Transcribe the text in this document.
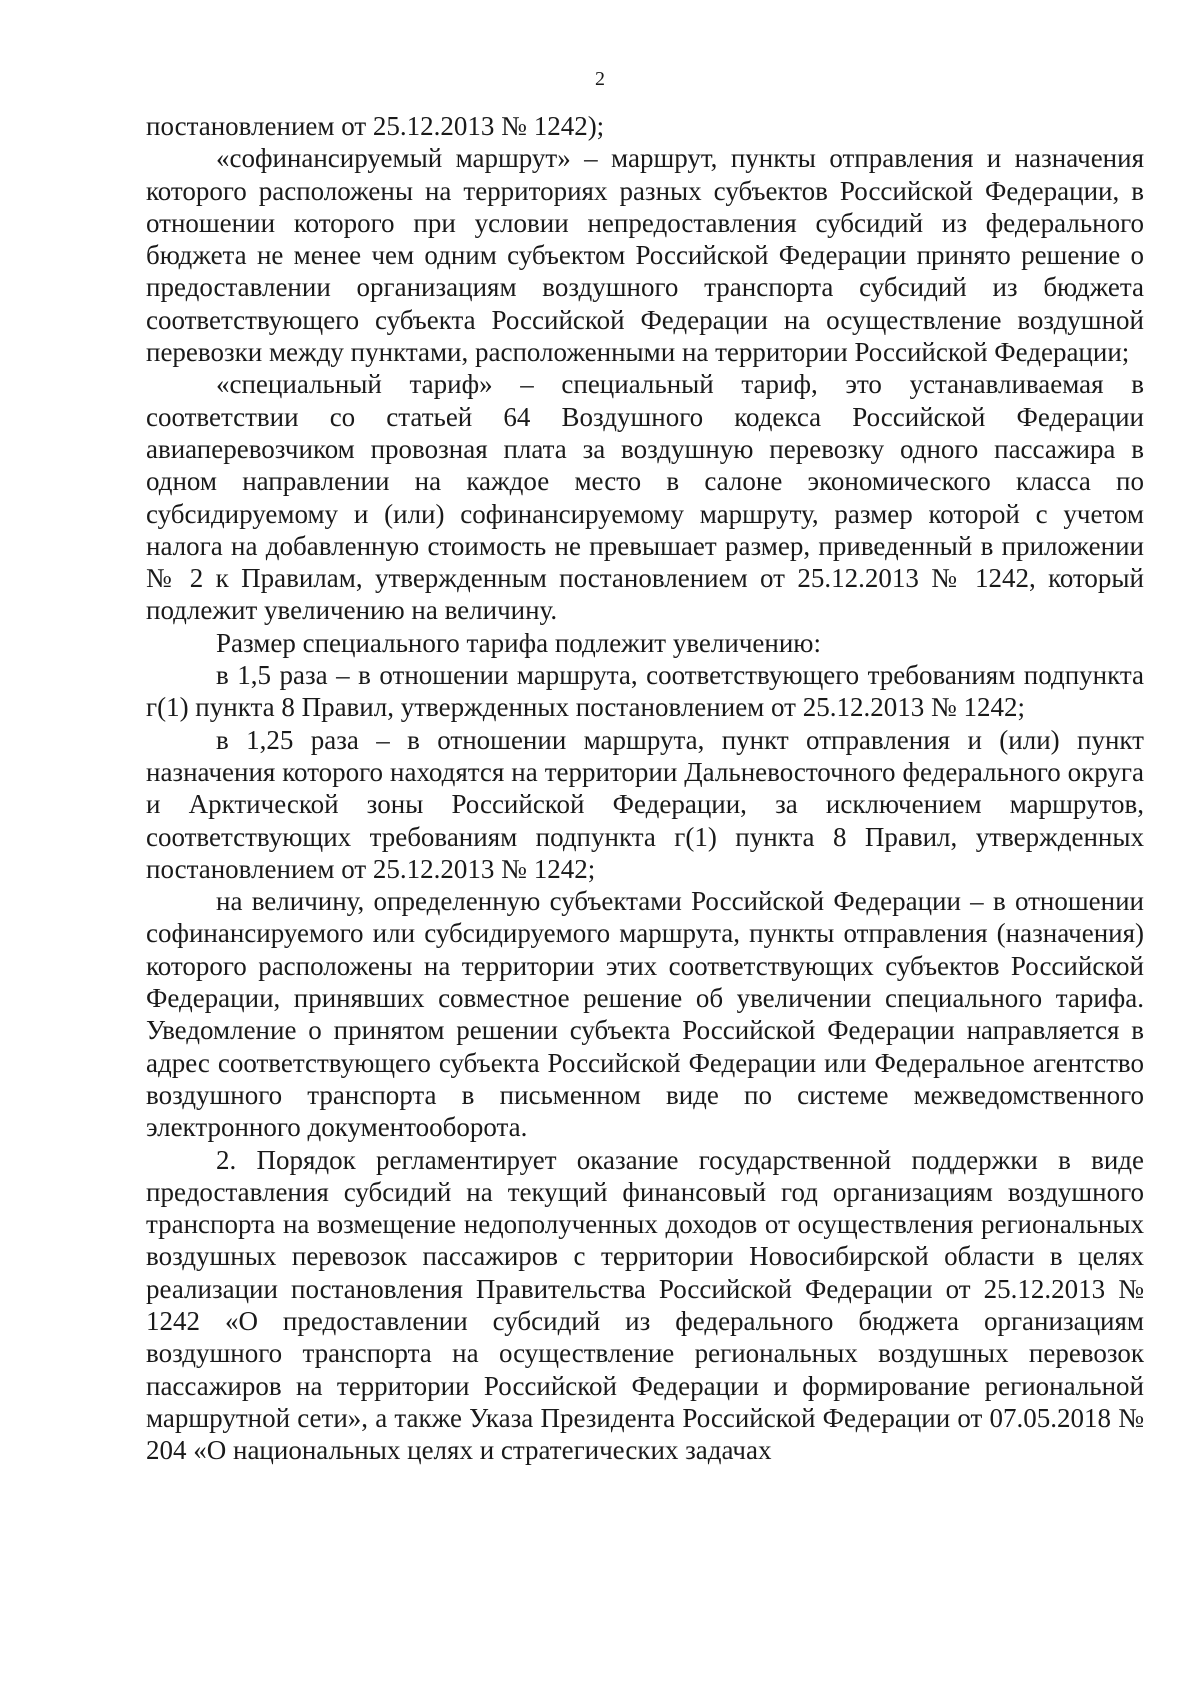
2

постановлением от 25.12.2013 № 1242);

«софинансируемый маршрут» – маршрут, пункты отправления и назначения которого расположены на территориях разных субъектов Российской Федерации, в отношении которого при условии непредоставления субсидий из федерального бюджета не менее чем одним субъектом Российской Федерации принято решение о предоставлении организациям воздушного транспорта субсидий из бюджета соответствующего субъекта Российской Федерации на осуществление воздушной перевозки между пунктами, расположенными на территории Российской Федерации;

«специальный тариф» – специальный тариф, это устанавливаемая в соответствии со статьей 64 Воздушного кодекса Российской Федерации авиаперевозчиком провозная плата за воздушную перевозку одного пассажира в одном направлении на каждое место в салоне экономического класса по субсидируемому и (или) софинансируемому маршруту, размер которой с учетом налога на добавленную стоимость не превышает размер, приведенный в приложении № 2 к Правилам, утвержденным постановлением от 25.12.2013 № 1242, который подлежит увеличению на величину.

Размер специального тарифа подлежит увеличению:

в 1,5 раза – в отношении маршрута, соответствующего требованиям подпункта г(1) пункта 8 Правил, утвержденных постановлением от 25.12.2013 № 1242;

в 1,25 раза – в отношении маршрута, пункт отправления и (или) пункт назначения которого находятся на территории Дальневосточного федерального округа и Арктической зоны Российской Федерации, за исключением маршрутов, соответствующих требованиям подпункта г(1) пункта 8 Правил, утвержденных постановлением от 25.12.2013 № 1242;

на величину, определенную субъектами Российской Федерации – в отношении софинансируемого или субсидируемого маршрута, пункты отправления (назначения) которого расположены на территории этих соответствующих субъектов Российской Федерации, принявших совместное решение об увеличении специального тарифа. Уведомление о принятом решении субъекта Российской Федерации направляется в адрес соответствующего субъекта Российской Федерации или Федеральное агентство воздушного транспорта в письменном виде по системе межведомственного электронного документооборота.

2. Порядок регламентирует оказание государственной поддержки в виде предоставления субсидий на текущий финансовый год организациям воздушного транспорта на возмещение недополученных доходов от осуществления региональных воздушных перевозок пассажиров с территории Новосибирской области в целях реализации постановления Правительства Российской Федерации от 25.12.2013 № 1242 «О предоставлении субсидий из федерального бюджета организациям воздушного транспорта на осуществление региональных воздушных перевозок пассажиров на территории Российской Федерации и формирование региональной маршрутной сети», а также Указа Президента Российской Федерации от 07.05.2018 № 204 «О национальных целях и стратегических задачах
